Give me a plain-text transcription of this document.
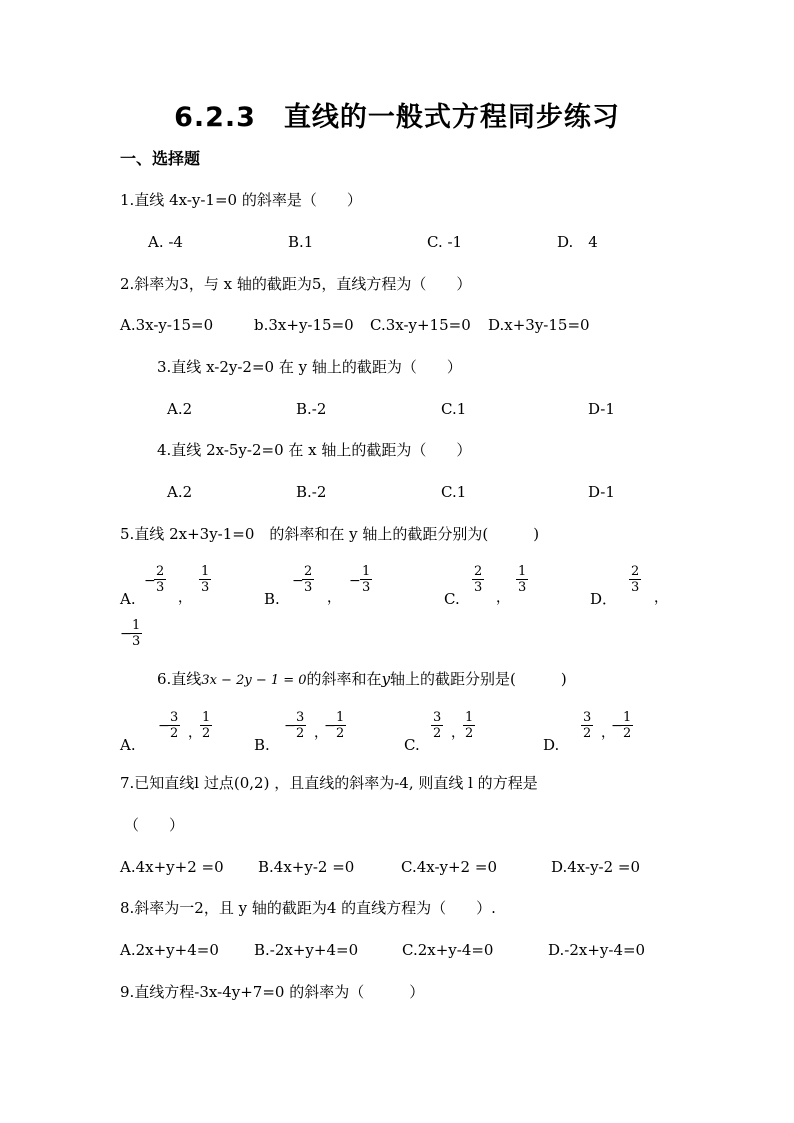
6.2.3　直线的一般式方程同步练习
一、选择题
1.直线 4x-y-1=0 的斜率是（　　）
A. -4	B.1	C. -1	D.　4
2.斜率为3，与 x 轴的截距为5，直线方程为（　　）
A.3x-y-15=0	b.3x+y-15=0 C.3x-y+15=0 D.x+3y-15=0
3.直线 x-2y-2=0 在 y 轴上的截距为（　　）
A.2	B.-2	C.1	D-1
4.直线 2x-5y-2=0 在 x 轴上的截距为（　　）
A.2	B.-2	C.1	D-1
5.直线 2x+3y-1=0　的斜率和在 y 轴上的截距分别为(　　　)
A.
−
$\frac{2}{3}$
，
$\frac{1}{3}$
B.
−
$\frac{2}{3}$
，
− $\frac{1}{3}$
C.
$\frac{2}{3}$
，
$\frac{1}{3}$
D．
$\frac{2}{3}$
，
−
$\frac{1}{3}$
6.直线3x − 2y − 1 = 0的斜率和在y轴上的截距分别是(　　　)
A.
−
$\frac{3}{2}$ ，
$\frac{1}{2}$
B.
−
$\frac{3}{2}$ ，
−
$\frac{1}{2}$
C.
$\frac{3}{2}$ ，
$\frac{1}{2}$
D.
$\frac{3}{2}$ ，
−
$\frac{1}{2}$
7.已知直线l 过点(0,2) ，且直线的斜率为-4, 则直线 l 的方程是
（　　）
A.4x+y+2 =0 B.4x+y-2 =0	C.4x-y+2 =0	D.4x-y-2 =0
8.斜率为一2，且 y 轴的截距为4 的直线方程为（　　）.
A.2x+y+4=0 B.-2x+y+4=0	C.2x+y-4=0	D.-2x+y-4=0
9.直线方程-3x-4y+7=0 的斜率为（　　　）
